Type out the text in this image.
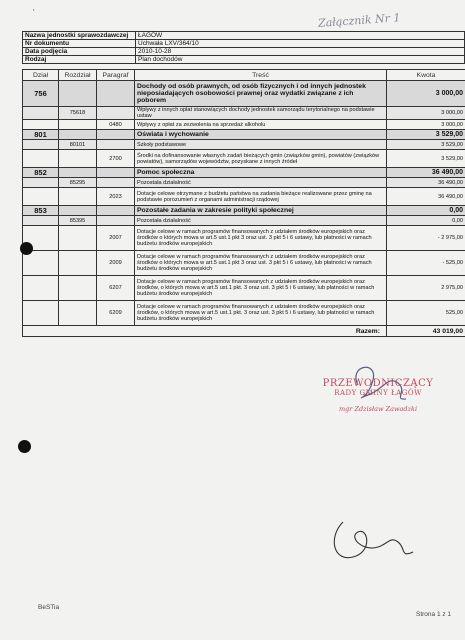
'	Załącznik Nr 1
Nazwa jednostki sprawozdawczej	ŁAGÓW
Nr dokumentu	Uchwała LXV/364/10
Data podjęcia	2010-10-28
Rodzaj	Plan dochodów
Dział	Rozdział	Paragraf	Treść	Kwota
756			Dochody od osób prawnych, od osób fizycznych i od innych jednostek nieposiadających osobowości prawnej oraz wydatki związane z ich poborem	3 000,00
	75618		Wpływy z innych opłat stanowiących dochody jednostek samorządu terytorialnego na podstawie ustaw	3 000,00
		0480	Wpływy z opłat za zezwolenia na sprzedaż alkoholu	3 000,00
801			Oświata i wychowanie	3 529,00
	80101		Szkoły podstawowe	3 529,00
		2700	Środki na dofinansowanie własnych zadań bieżących gmin (związków gmin), powiatów (związków powiatów), samorządów województw, pozyskane z innych źródeł	3 529,00
852			Pomoc społeczna	36 490,00
	85295		Pozostała działalność	36 490,00
		2023	Dotacje celowe otrzymane z budżetu państwa na zadania bieżące realizowane przez gminę na podstawie porozumień z organami administracji rządowej	36 490,00
853			Pozostałe zadania w zakresie polityki społecznej	0,00
	85395		Pozostała działalność	0,00
		2007	Dotacje celowe w ramach programów finansowanych z udziałem środków europejskich oraz środków o których mowa w art.5 ust.1 pkt 3 oraz ust. 3 pkt 5 i 6 ustawy, lub płatności w ramach budżetu środków europejskich	- 2 975,00
		2009	Dotacje celowe w ramach programów finansowanych z udziałem środków europejskich oraz środków o których mowa w art.5 ust.1 pkt 3 oraz ust. 3 pkt 5 i 6 ustawy, lub płatności w ramach budżetu środków europejskich	- 525,00
		6207	Dotacje celowe w ramach programów finansowanych z udziałem środków europejskich oraz środków, o których mowa w art.5 ust.1 pkt. 3 oraz ust. 3 pkt 5 i 6 ustawy, lub płatności w ramach budżetu środków europejskich	2 975,00
		6209	Dotacje celowe w ramach programów finansowanych z udziałem środków europejskich oraz środków, o których mowa w art.5 ust.1 pkt. 3 oraz ust. 3 pkt 5 i 6 ustawy, lub płatności w ramach budżetu środków europejskich	525,00
Razem:				43 019,00
PRZEWODNICZĄCY
RADY GMINY ŁAGÓW
mgr Zdzisław Zawadzki
BeSTia
Strona 1 z 1
